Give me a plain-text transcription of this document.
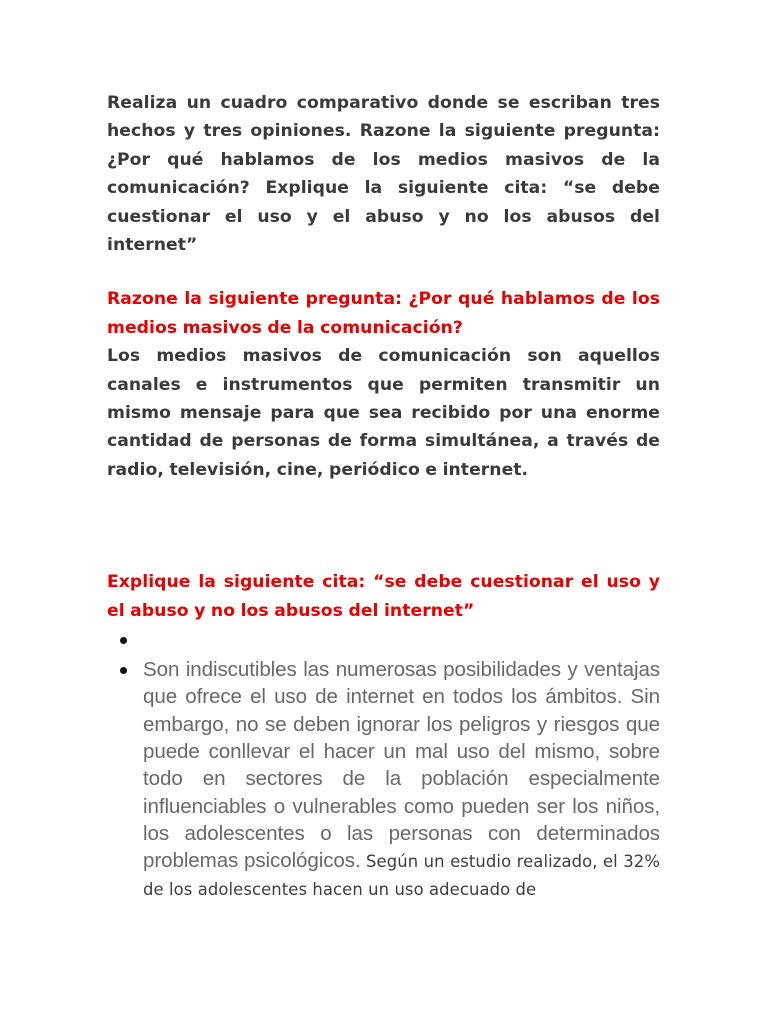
Realiza un cuadro comparativo donde se escriban tres hechos y tres opiniones. Razone la siguiente pregunta: ¿Por qué hablamos de los medios masivos de la comunicación? Explique la siguiente cita: “se debe cuestionar el uso y el abuso y no los abusos del internet”

Razone la siguiente pregunta: ¿Por qué hablamos de los medios masivos de la comunicación?

Los medios masivos de comunicación son aquellos canales e instrumentos que permiten transmitir un mismo mensaje para que sea recibido por una enorme cantidad de personas de forma simultánea, a través de radio, televisión, cine, periódico e internet.

Explique la siguiente cita: “se debe cuestionar el uso y el abuso y no los abusos del internet”

Son indiscutibles las numerosas posibilidades y ventajas que ofrece el uso de internet en todos los ámbitos. Sin embargo, no se deben ignorar los peligros y riesgos que puede conllevar el hacer un mal uso del mismo, sobre todo en sectores de la población especialmente influenciables o vulnerables como pueden ser los niños, los adolescentes o las personas con determinados problemas psicológicos. Según un estudio realizado, el 32% de los adolescentes hacen un uso adecuado de
